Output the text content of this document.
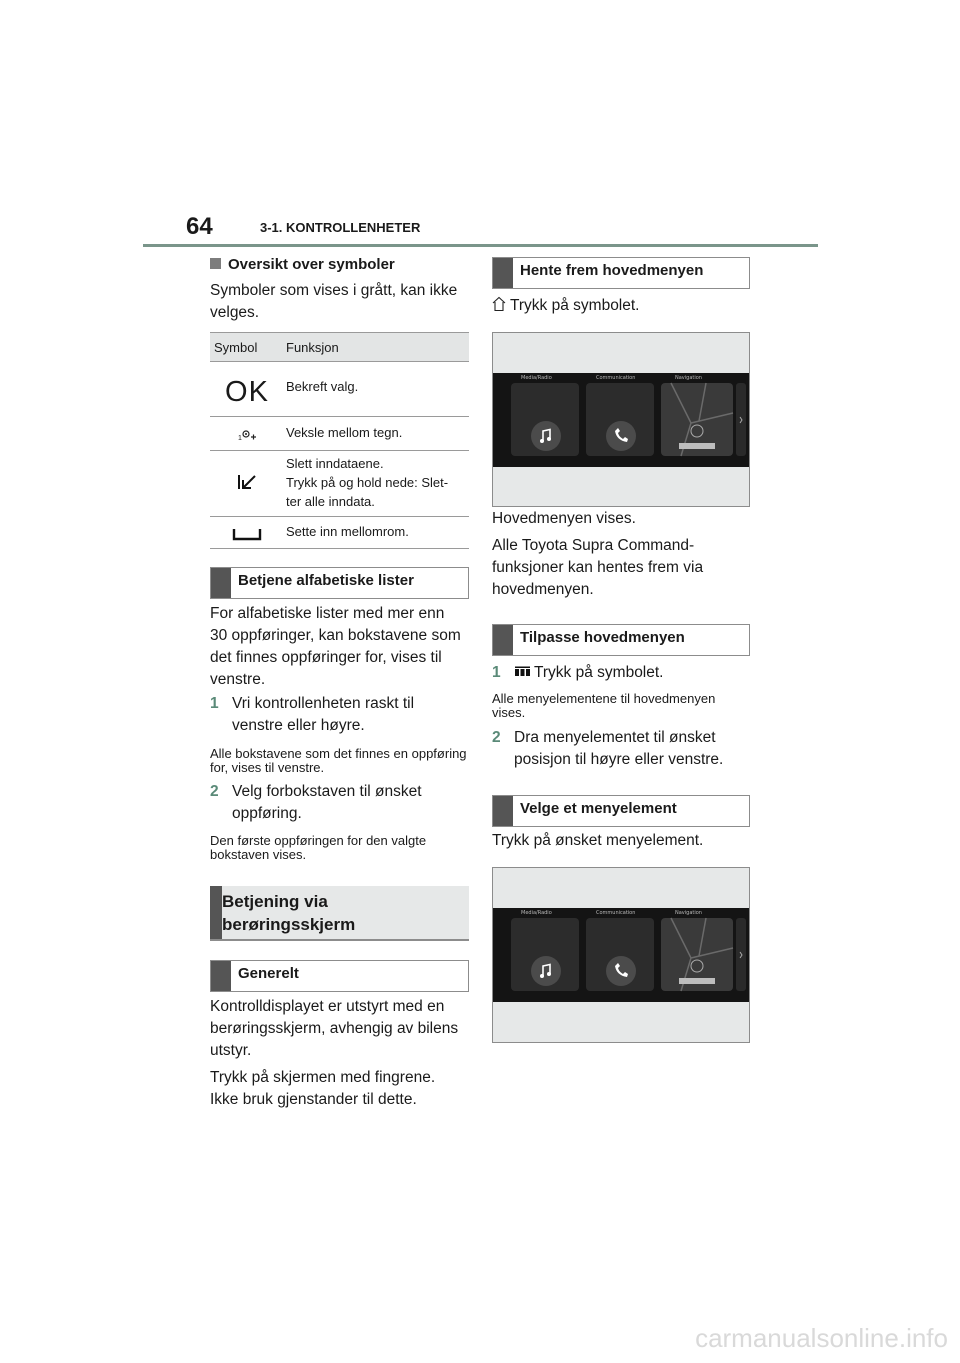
64	3-1. KONTROLLENHETER
Oversikt over symboler
Symboler som vises i grått, kan ikke velges.
Symbol	Funksjon

OK	Bekreft valg.

1	Veksle mellom tegn.

Slett inndataene.
Trykk på og hold nede: Slet-
ter alle inndata.

	Sette inn mellomrom.
Betjene alfabetiske lister
For alfabetiske lister med mer enn 30 oppføringer, kan bokstavene som det finnes oppføringer for, vises til venstre.
1 Vri kontrollenheten raskt til venstre eller høyre.
Alle bokstavene som det finnes en oppføring for, vises til venstre.
2 Velg forbokstaven til ønsket oppføring.
Den første oppføringen for den valgte bokstaven vises.
Betjening via
berøringsskjerm
Generelt
Kontrolldisplayet er utstyrt med en berøringsskjerm, avhengig av bilens utstyr.
Trykk på skjermen med fingrene. Ikke bruk gjenstander til dette.
Hente frem hovedmenyen
Trykk på symbolet.
Media/Radio	Communication	Navigation
Hovedmenyen vises.
Alle Toyota Supra Command-funksjoner kan hentes frem via hovedmenyen.
Tilpasse hovedmenyen
1	Trykk på symbolet.
Alle menyelementene til hovedmenyen vises.
2 Dra menyelementet til ønsket posisjon til høyre eller venstre.
Velge et menyelement
Trykk på ønsket menyelement.
Media/Radio	Communication	Navigation
carmanualsonline.info
